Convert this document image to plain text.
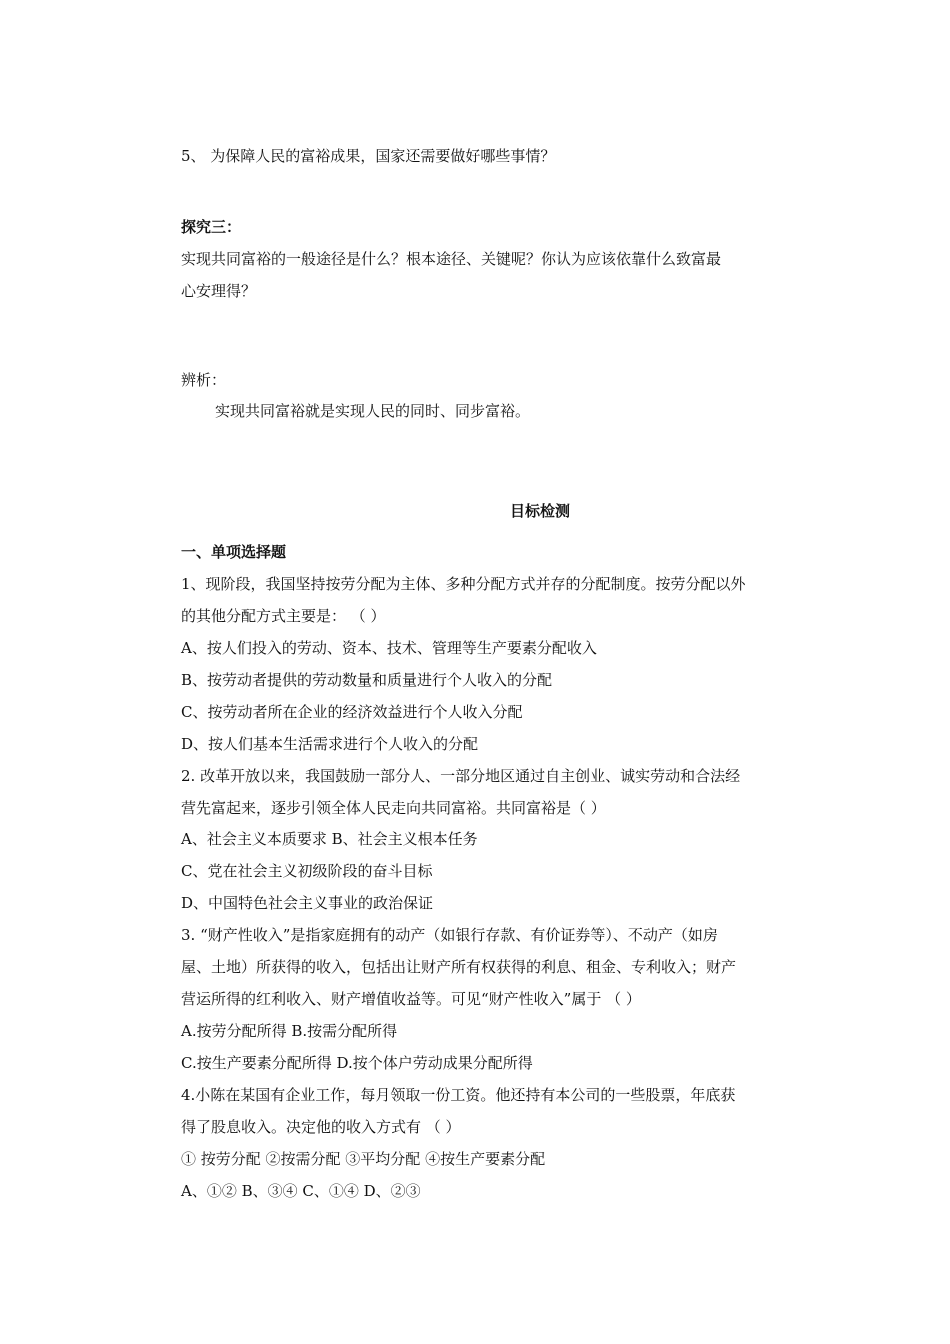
5、 为保障人民的富裕成果，国家还需要做好哪些事情？
探究三：
实现共同富裕的一般途径是什么？根本途径、关键呢？你认为应该依靠什么致富最
心安理得？
辨析：
实现共同富裕就是实现人民的同时、同步富裕。
目标检测
一、单项选择题
1、现阶段，我国坚持按劳分配为主体、多种分配方式并存的分配制度。按劳分配以外
的其他分配方式主要是： （ ）
A、按人们投入的劳动、资本、技术、管理等生产要素分配收入
B、按劳动者提供的劳动数量和质量进行个人收入的分配
C、按劳动者所在企业的经济效益进行个人收入分配
D、按人们基本生活需求进行个人收入的分配
2. 改革开放以来，我国鼓励一部分人、一部分地区通过自主创业、诚实劳动和合法经
营先富起来，逐步引领全体人民走向共同富裕。共同富裕是（ ）
A、社会主义本质要求 B、社会主义根本任务
C、党在社会主义初级阶段的奋斗目标
D、中国特色社会主义事业的政治保证
3. “财产性收入”是指家庭拥有的动产（如银行存款、有价证券等）、不动产（如房
屋、土地）所获得的收入，包括出让财产所有权获得的利息、租金、专利收入；财产
营运所得的红利收入、财产增值收益等。可见“财产性收入”属于 （ ）
A.按劳分配所得 B.按需分配所得
C.按生产要素分配所得 D.按个体户劳动成果分配所得
4.小陈在某国有企业工作，每月领取一份工资。他还持有本公司的一些股票，年底获
得了股息收入。决定他的收入方式有 （ ）
① 按劳分配 ②按需分配 ③平均分配 ④按生产要素分配
A、①② B、③④ C、①④ D、②③
